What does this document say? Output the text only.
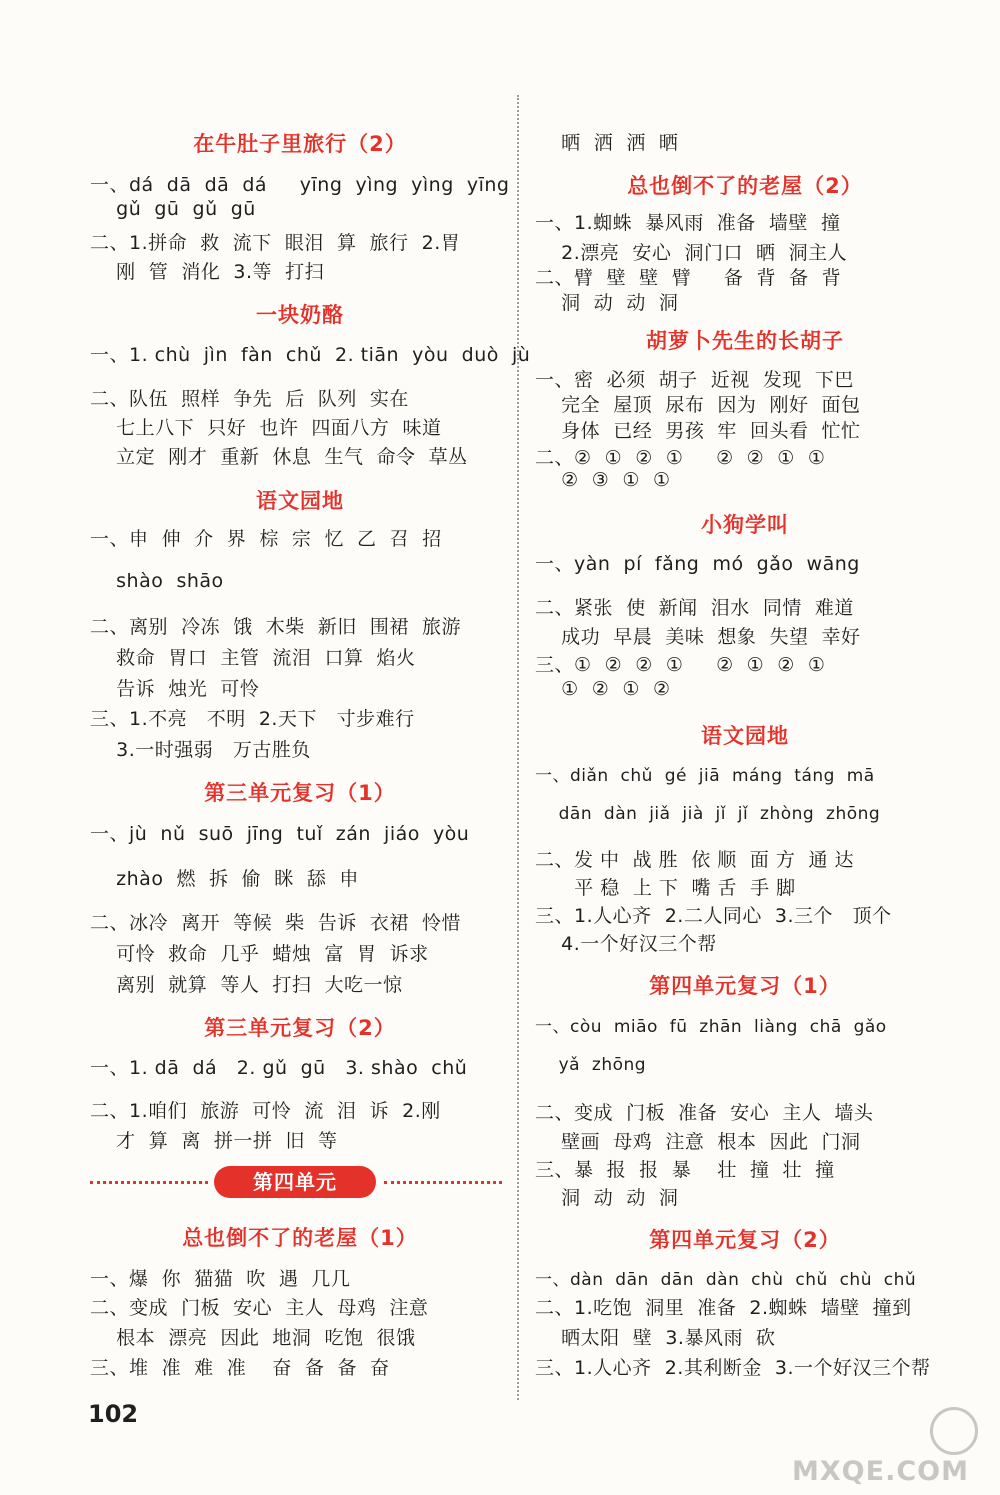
在牛肚子里旅行（2）
一、dá  dā  dā  dá     yīng  yìng  yìng  yīng
gǔ  gū  gǔ  gū
二、1.拼命  救  流下  眼泪  算  旅行  2.胃
刚  管  消化  3.等  打扫
一块奶酪
一、1. chù  jìn  fàn  chǔ  2. tiān  yòu  duò  jù
二、队伍  照样  争先  后  队列  实在
七上八下  只好  也许  四面八方  味道
立定  刚才  重新  休息  生气  命令  草丛
语文园地
一、申  伸  介  界  棕  宗  忆  乙  召  招
shào  shāo
二、离别  冷冻  饿  木柴  新旧  围裙  旅游
救命  胃口  主管  流泪  口算  焰火
告诉  烛光  可怜
三、1.不亮   不明  2.天下   寸步难行
3.一时强弱   万古胜负
第三单元复习（1）
一、jù  nǔ  suō  jīng  tuǐ  zán  jiáo  yòu
zhào  燃  拆  偷  眯  舔  申
二、冰冷  离开  等候  柴  告诉  衣裙  怜惜
可怜  救命  几乎  蜡烛  富  胃  诉求
离别  就算  等人  打扫  大吃一惊
第三单元复习（2）
一、1. dā  dá   2. gǔ  gū   3. shào  chǔ
二、1.咱们  旅游  可怜  流  泪  诉  2.刚
才  算  离  拼一拼  旧  等
第四单元
总也倒不了的老屋（1）
一、爆  你  猫猫  吹  遇  几几
二、变成  门板  安心  主人  母鸡  注意
根本  漂亮  因此  地洞  吃饱  很饿
三、堆  准  难  准    奋  备  备  奋
晒  洒  洒  晒
总也倒不了的老屋（2）
一、1.蜘蛛  暴风雨  准备  墙壁  撞
2.漂亮  安心  洞门口  晒  洞主人
二、臂  壁  壁  臂     备  背  备  背
洞  动  动  洞
胡萝卜先生的长胡子
一、密  必须  胡子  近视  发现  下巴
完全  屋顶  尿布  因为  刚好  面包
身体  已经  男孩  牢  回头看  忙忙
二、②  ①  ②  ①     ②  ②  ①  ①
②  ③  ①  ①
小狗学叫
一、yàn  pí  fǎng  mó  gǎo  wāng
二、紧张  使  新闻  泪水  同情  难道
成功  早晨  美味  想象  失望  幸好
三、①  ②  ②  ①     ②  ①  ②  ①
①  ②  ①  ②
语文园地
一、diǎn  chǔ  gé  jiā  máng  táng  mā
dān  dàn  jiǎ  jià  jǐ  jǐ  zhòng  zhōng
二、发 中  战 胜  依 顺  面 方  通 达
平 稳  上 下  嘴 舌  手 脚
三、1.人心齐  2.二人同心  3.三个   顶个
4.一个好汉三个帮
第四单元复习（1）
一、còu  miāo  fū  zhān  liàng  chā  gǎo
yǎ  zhōng
二、变成  门板  准备  安心  主人  墙头
壁画  母鸡  注意  根本  因此  门洞
三、暴  报  报  暴    壮  撞  壮  撞
洞  动  动  洞
第四单元复习（2）
一、dàn  dān  dān  dàn  chù  chǔ  chù  chǔ
二、1.吃饱  洞里  准备  2.蜘蛛  墙壁  撞到
晒太阳  壁  3.暴风雨  砍
三、1.人心齐  2.其利断金  3.一个好汉三个帮
102
MXQE.COM
